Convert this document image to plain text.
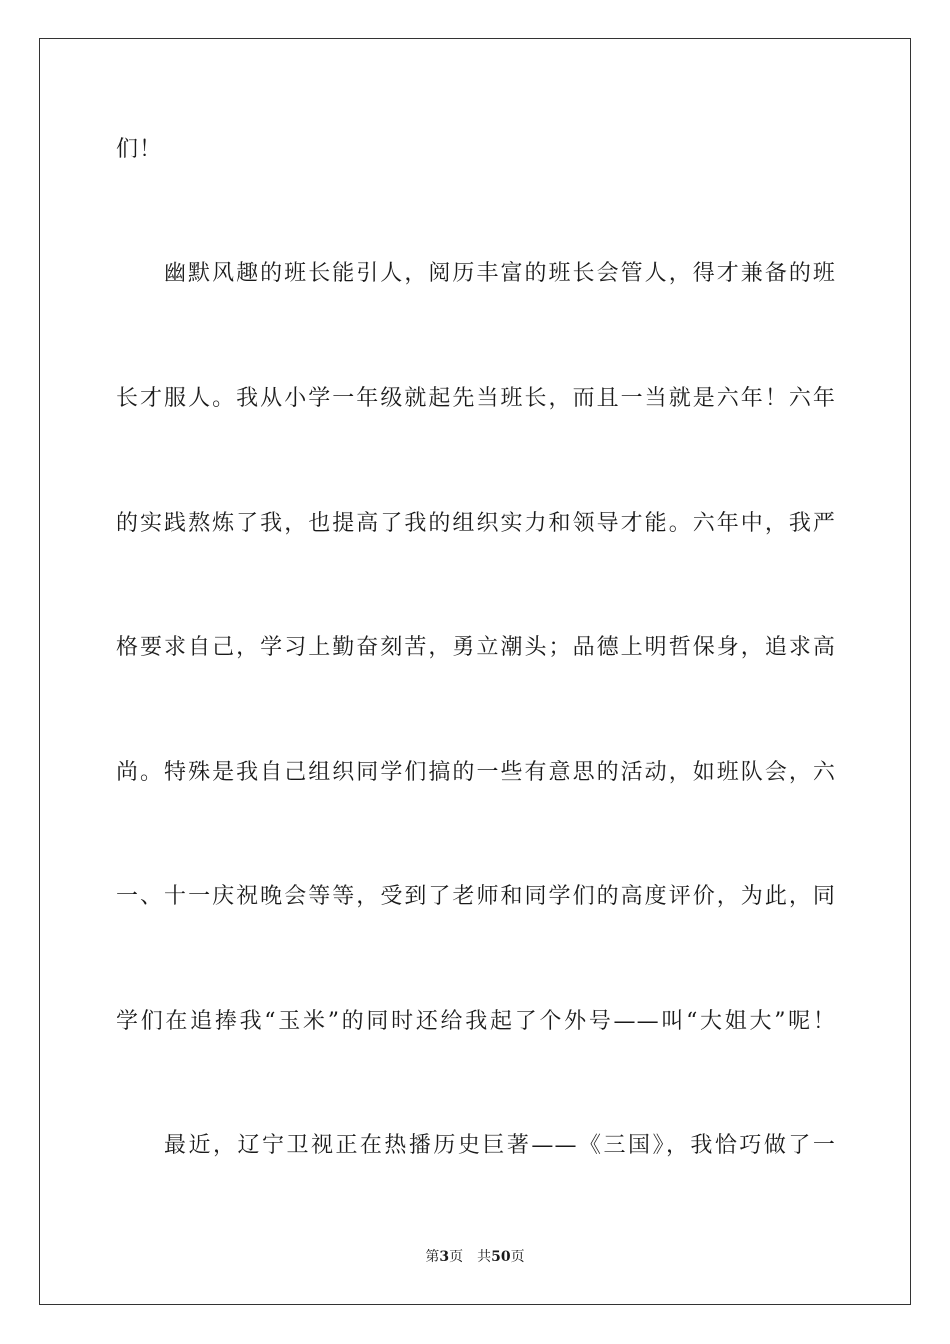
们！
幽默风趣的班长能引人，阅历丰富的班长会管人，得才兼备的班
长才服人。我从小学一年级就起先当班长，而且一当就是六年！六年
的实践熬炼了我，也提高了我的组织实力和领导才能。六年中，我严
格要求自己，学习上勤奋刻苦，勇立潮头；品德上明哲保身，追求高
尚。特殊是我自己组织同学们搞的一些有意思的活动，如班队会，六
一、十一庆祝晚会等等，受到了老师和同学们的高度评价，为此，同
学们在追捧我“玉米”的同时还给我起了个外号——叫“大姐大”呢！
最近，辽宁卫视正在热播历史巨著——《三国》，我恰巧做了一
第3页 共50页
